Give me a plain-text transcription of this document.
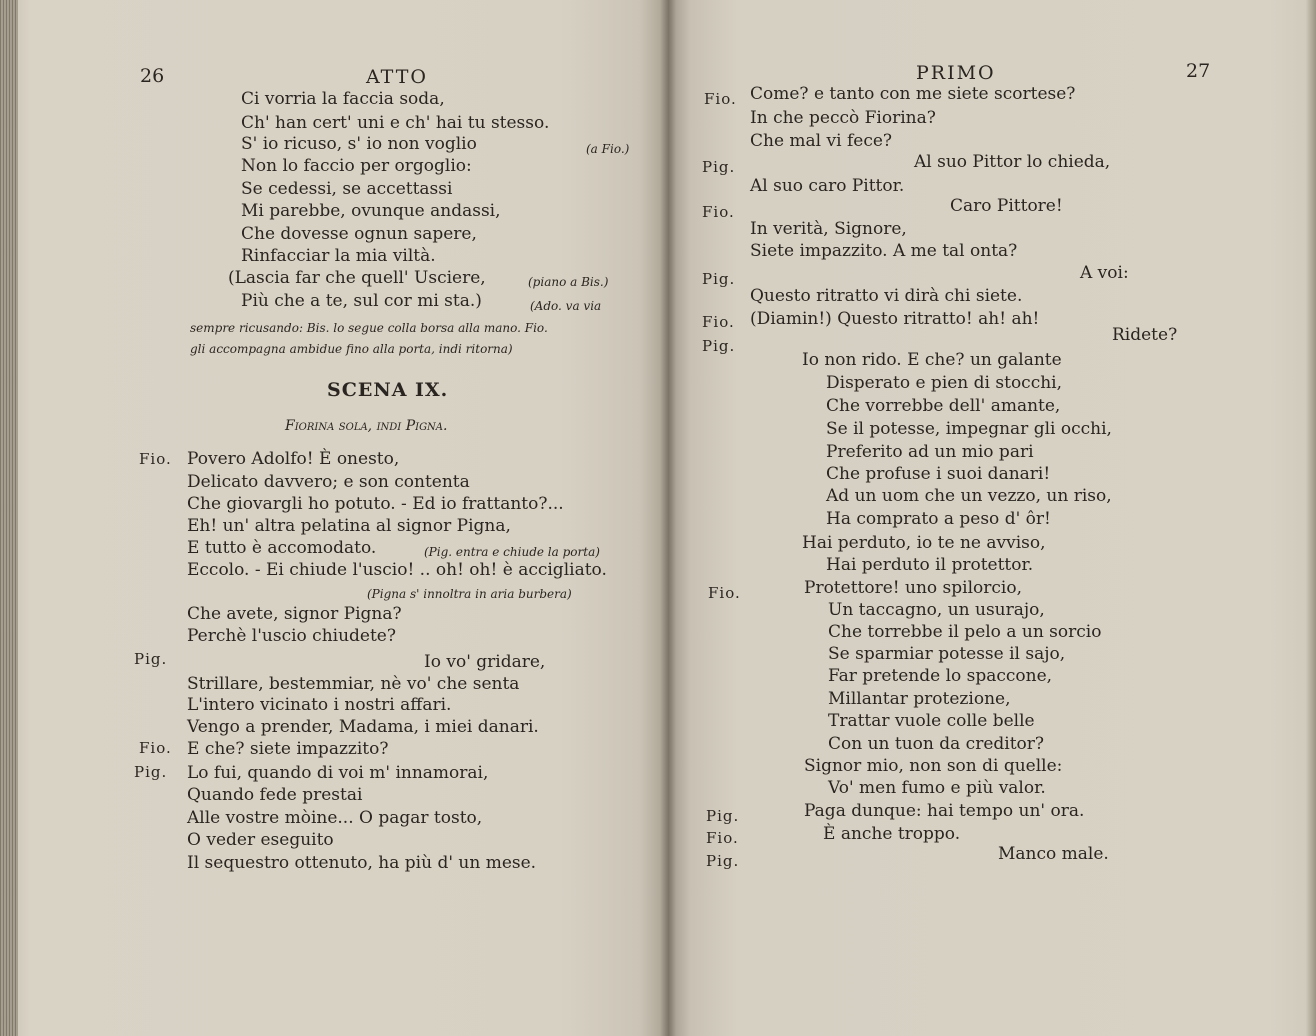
26	ATTO
Ci vorria la faccia soda,
Ch' han cert' uni e ch' hai tu stesso.
S' io ricuso, s' io non voglio	(a Fio.)
Non lo faccio per orgoglio:
Se cedessi, se accettassi
Mi parebbe, ovunque andassi,
Che dovesse ognun sapere,
Rinfacciar la mia viltà.
(Lascia far che quell' Usciere,	(piano a Bis.)
Più che a te, sul cor mi sta.)	(Ado. va via
sempre ricusando: Bis. lo segue colla borsa alla mano. Fio.
gli accompagna ambidue fino alla porta, indi ritorna)
SCENA IX.
Fiorina sola, indi Pigna.
Fio. Povero Adolfo! È onesto,
Delicato davvero; e son contenta
Che giovargli ho potuto. - Ed io frattanto?...
Eh! un' altra pelatina al signor Pigna,
E tutto è accomodato.	(Pig. entra e chiude la porta)
Eccolo. - Ei chiude l'uscio! .. oh! oh! è accigliato.
(Pigna s' innoltra in aria burbera)
Che avete, signor Pigna?
Perchè l'uscio chiudete?
Pig.	Io vo' gridare,
Strillare, bestemmiar, nè vo' che senta
L'intero vicinato i nostri affari.
Vengo a prender, Madama, i miei danari.
Fio. E che? siete impazzito?
Pig. Lo fui, quando di voi m' innamorai,
Quando fede prestai
Alle vostre mòine... O pagar tosto,
O veder eseguito
Il sequestro ottenuto, ha più d' un mese.
PRIMO	27
Fio. Come? e tanto con me siete scortese?
In che peccò Fiorina?
Che mal vi fece?
Pig.	Al suo Pittor lo chieda,
Al suo caro Pittor.
Fio.	Caro Pittore!
In verità, Signore,
Siete impazzito. A me tal onta?
Pig.	A voi:
Questo ritratto vi dirà chi siete.
Fio. (Diamin!) Questo ritratto! ah! ah!
Pig.
Ridete?
Io non rido. E che? un galante
Disperato e pien di stocchi,
Che vorrebbe dell' amante,
Se il potesse, impegnar gli occhi,
Preferito ad un mio pari
Che profuse i suoi danari!
Ad un uom che un vezzo, un riso,
Ha comprato a peso d' ôr!
Hai perduto, io te ne avviso,
Hai perduto il protettor.
Fio.	Protettore! uno spilorcio,
Un taccagno, un usurajo,
Che torrebbe il pelo a un sorcio
Se sparmiar potesse il sajo,
Far pretende lo spaccone,
Millantar protezione,
Trattar vuole colle belle
Con un tuon da creditor?
Signor mio, non son di quelle:
Vo' men fumo e più valor.
Pig.	Paga dunque: hai tempo un' ora.
Fio.	È anche troppo.
Pig.	Manco male.
